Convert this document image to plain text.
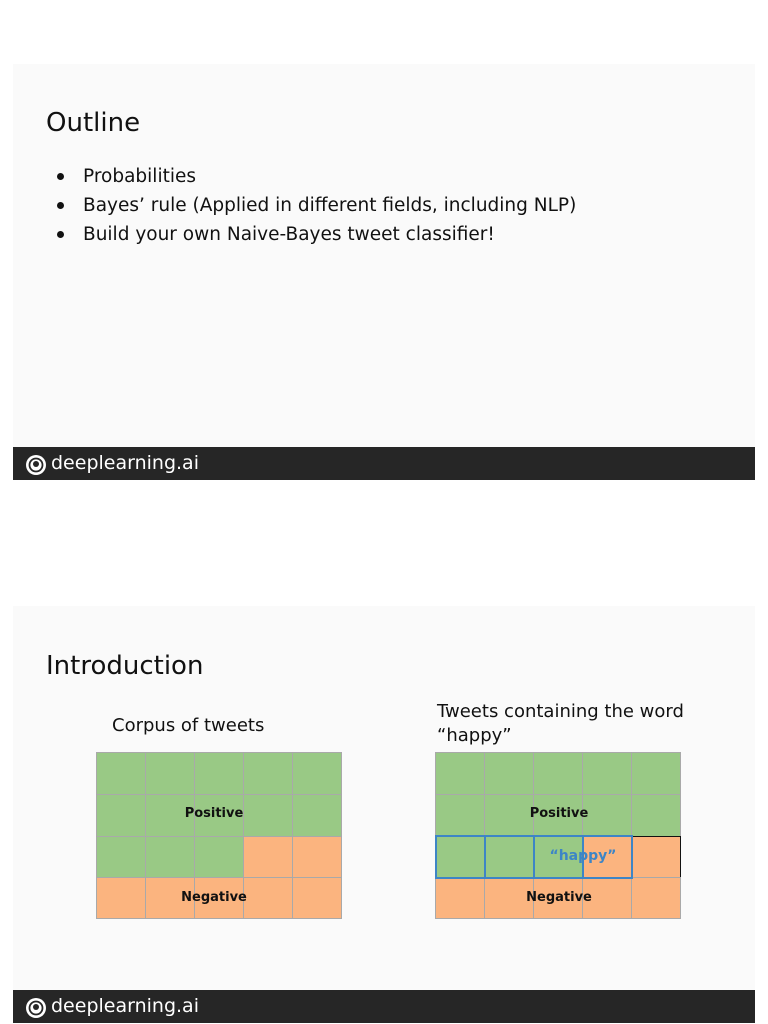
Outline
Probabilities
Bayes’ rule (Applied in different fields, including NLP)
Build your own Naive-Bayes tweet classifier!
deeplearning.ai
Introduction
Corpus of tweets
Tweets containing the word
“happy”
Positive
Negative
Positive
“happy”
Negative
deeplearning.ai
